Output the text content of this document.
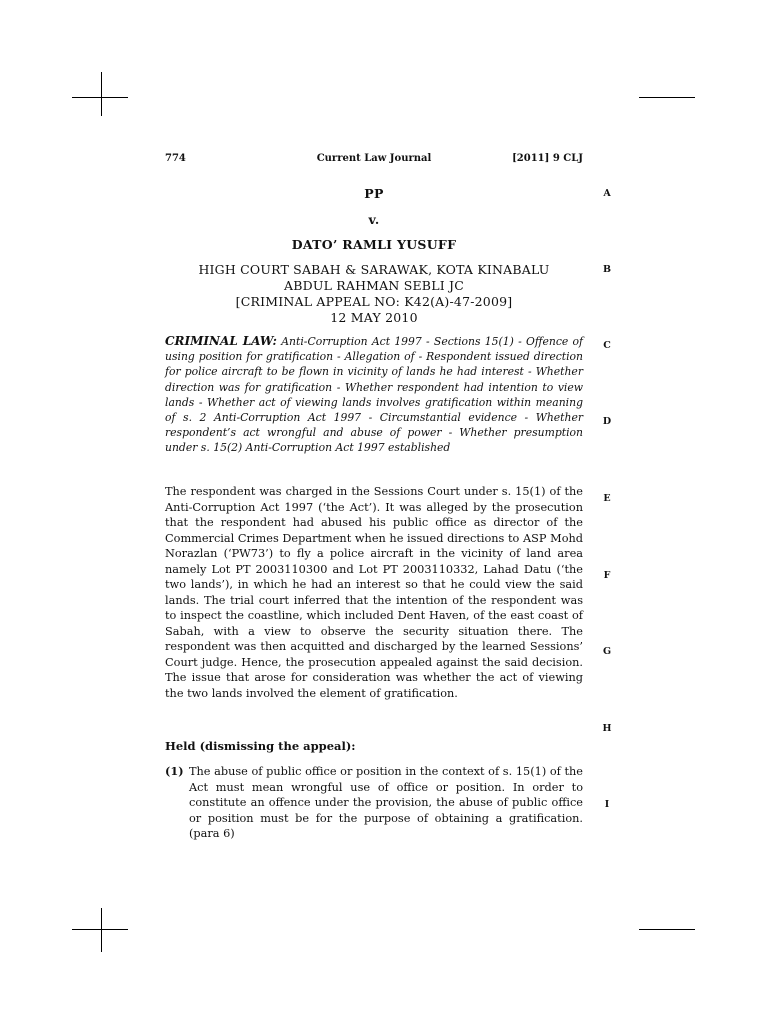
774	Current Law Journal	[2011] 9 CLJ
PP
v.
DATO’ RAMLI YUSUFF
HIGH COURT SABAH & SARAWAK, KOTA KINABALU
ABDUL RAHMAN SEBLI JC
[CRIMINAL APPEAL NO: K42(A)-47-2009]
12 MAY 2010
A
B
C
D
E
F
G
H
I
CRIMINAL LAW: Anti-Corruption Act 1997 - Sections 15(1) - Offence of using position for gratification - Allegation of - Respondent issued direction for police aircraft to be flown in vicinity of lands he had interest - Whether direction was for gratification - Whether respondent had intention to view lands - Whether act of viewing lands involves gratification within meaning of s. 2 Anti-Corruption Act 1997 - Circumstantial evidence - Whether respondent’s act wrongful and abuse of power - Whether presumption under s. 15(2) Anti-Corruption Act 1997 established
The respondent was charged in the Sessions Court under s. 15(1) of the Anti-Corruption Act 1997 (‘the Act’). It was alleged by the prosecution that the respondent had abused his public office as director of the Commercial Crimes Department when he issued directions to ASP Mohd Norazlan (‘PW73’) to fly a police aircraft in the vicinity of land area namely Lot PT 2003110300 and Lot PT 2003110332, Lahad Datu (‘the two lands’), in which he had an interest so that he could view the said lands. The trial court inferred that the intention of the respondent was to inspect the coastline, which included Dent Haven, of the east coast of Sabah, with a view to observe the security situation there. The respondent was then acquitted and discharged by the learned Sessions’ Court judge. Hence, the prosecution appealed against the said decision. The issue that arose for consideration was whether the act of viewing the two lands involved the element of gratification.
Held (dismissing the appeal):
(1) The abuse of public office or position in the context of s. 15(1) of the Act must mean wrongful use of office or position. In order to constitute an offence under the provision, the abuse of public office or position must be for the purpose of obtaining a gratification. (para 6)
